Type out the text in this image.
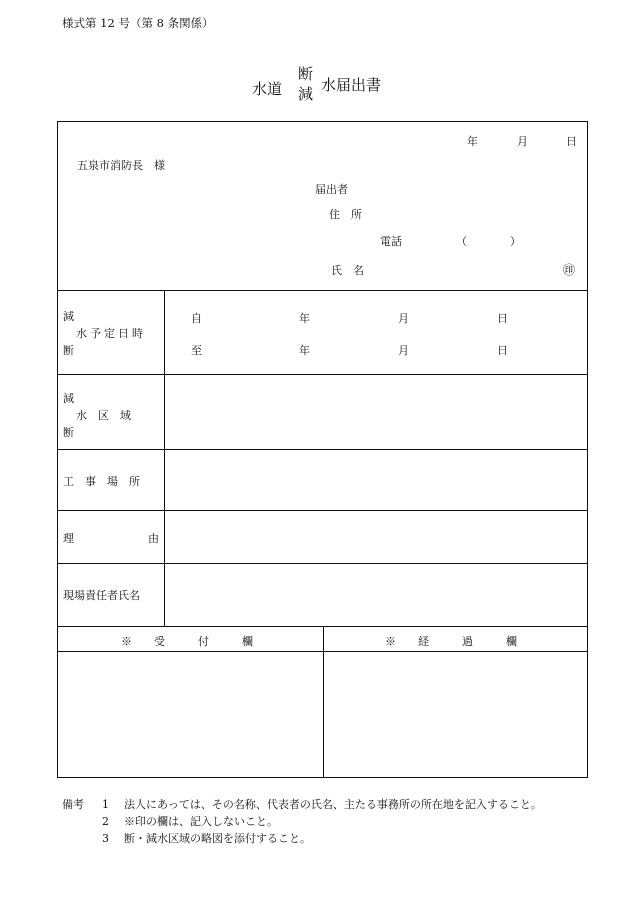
様式第 12 号（第 8 条関係）
水道
断
減 水届出書
年	月	日
五泉市消防長　様
届出者
住　所
電話	（	）
氏　名	㊞
減
水予定日時
断
自	年	月	日
至	年	月	日
減
水　区　域
断
工　事　場　所
理	由
現場責任者氏名
※　　受　　　付　　　欄	※　　経　　　過　　　欄
備考	1	法人にあっては、その名称、代表者の氏名、主たる事務所の所在地を記入すること。
2	※印の欄は、記入しないこと。
3	断・減水区域の略図を添付すること。
